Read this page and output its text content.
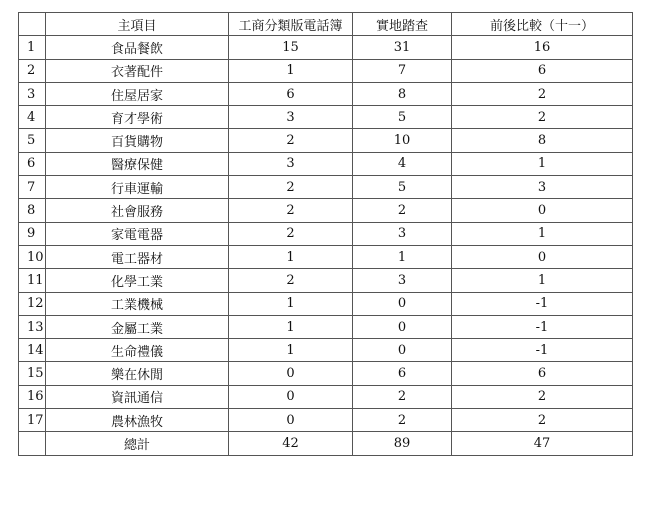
	主項目	工商分類版電話簿	實地踏查	前後比較（十一）
1	食品餐飲	15	31	16
2	衣著配件	1	7	6
3	住屋居家	6	8	2
4	育才學術	3	5	2
5	百貨購物	2	10	8
6	醫療保健	3	4	1
7	行車運輸	2	5	3
8	社會服務	2	2	0
9	家電電器	2	3	1
10	電工器材	1	1	0
11	化學工業	2	3	1
12	工業機械	1	0	-1
13	金屬工業	1	0	-1
14	生命禮儀	1	0	-1
15	樂在休閒	0	6	6
16	資訊通信	0	2	2
17	農林漁牧	0	2	2
	總計	42	89	47
